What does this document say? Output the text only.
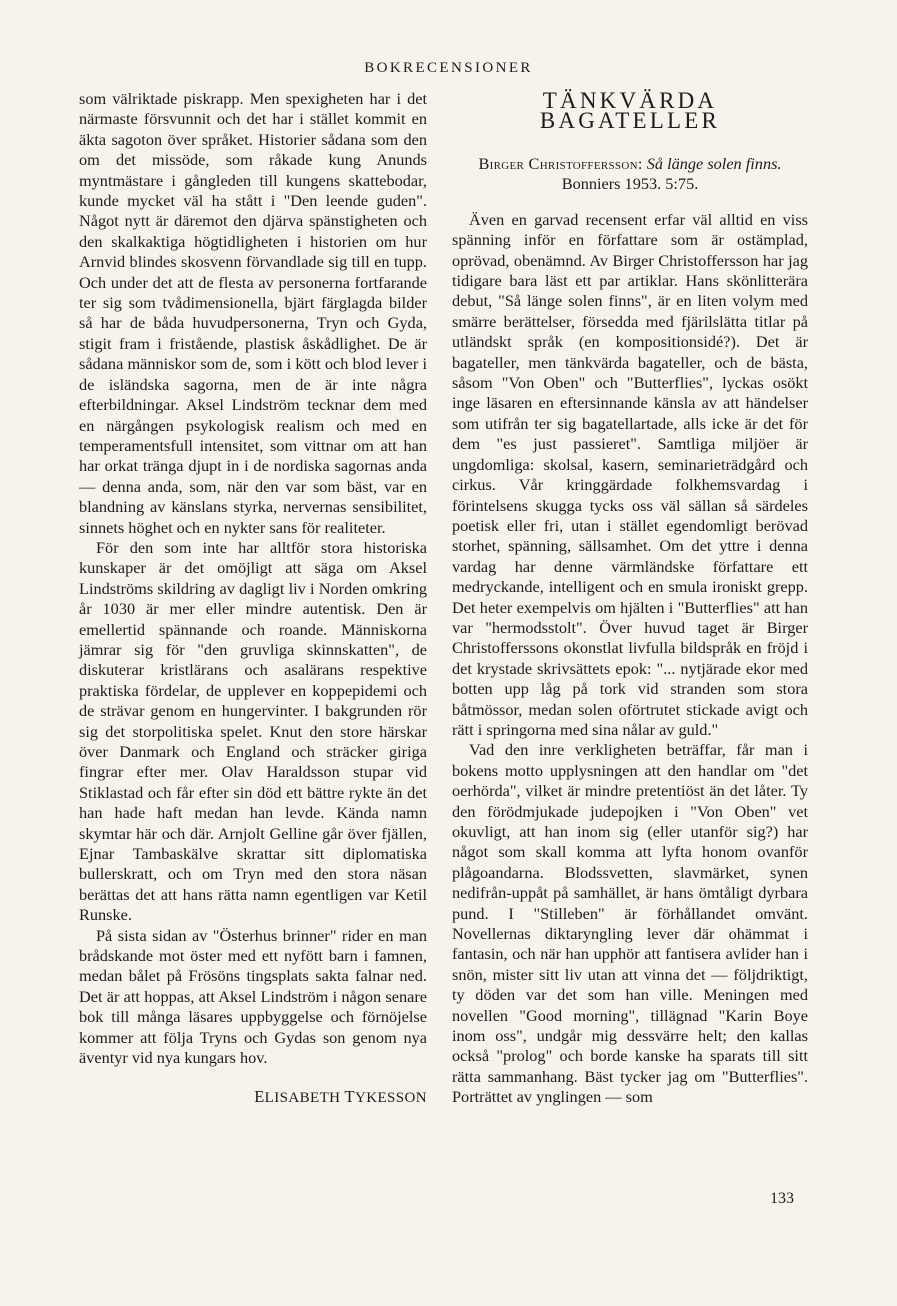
BOKRECENSIONER

som välriktade piskrapp. Men spexigheten har i det närmaste försvunnit och det har i stället kommit en äkta sagoton över språket. Historier sådana som den om det missöde, som råkade kung Anunds myntmästare i gångleden till kungens skattebodar, kunde mycket väl ha stått i "Den leende guden". Något nytt är däremot den djärva spänstigheten och den skalkaktiga högtidligheten i historien om hur Arnvid blindes skosvenn förvandlade sig till en tupp. Och under det att de flesta av personerna fortfarande ter sig som tvådimensionella, bjärt färglagda bilder så har de båda huvudpersonerna, Tryn och Gyda, stigit fram i fristående, plastisk åskådlighet. De är sådana människor som de, som i kött och blod lever i de isländska sagorna, men de är inte några efterbildningar. Aksel Lindström tecknar dem med en närgången psykologisk realism och med en temperamentsfull intensitet, som vittnar om att han har orkat tränga djupt in i de nordiska sagornas anda — denna anda, som, när den var som bäst, var en blandning av känslans styrka, nervernas sensibilitet, sinnets höghet och en nykter sans för realiteter.

För den som inte har alltför stora historiska kunskaper är det omöjligt att säga om Aksel Lindströms skildring av dagligt liv i Norden omkring år 1030 är mer eller mindre autentisk. Den är emellertid spännande och roande. Människorna jämrar sig för "den gruvliga skinnskatten", de diskuterar kristlärans och asalärans respektive praktiska fördelar, de upplever en koppepidemi och de strävar genom en hungervinter. I bakgrunden rör sig det storpolitiska spelet. Knut den store härskar över Danmark och England och sträcker giriga fingrar efter mer. Olav Haraldsson stupar vid Stiklastad och får efter sin död ett bättre rykte än det han hade haft medan han levde. Kända namn skymtar här och där. Arnjolt Gelline går över fjällen, Ejnar Tambaskälve skrattar sitt diplomatiska bullerskratt, och om Tryn med den stora näsan berättas det att hans rätta namn egentligen var Ketil Runske.

På sista sidan av "Österhus brinner" rider en man brådskande mot öster med ett nyfött barn i famnen, medan bålet på Frösöns tingsplats sakta falnar ned. Det är att hoppas, att Aksel Lindström i någon senare bok till många läsares uppbyggelse och förnöjelse kommer att följa Tryns och Gydas son genom nya äventyr vid nya kungars hov.

ELISABETH TYKESSON
TÄNKVÄRDA BAGATELLER
Birger Christoffersson: Så länge solen finns. Bonniers 1953. 5:75.

Även en garvad recensent erfar väl alltid en viss spänning inför en författare som är ostämplad, oprövad, obenämnd. Av Birger Christoffersson har jag tidigare bara läst ett par artiklar. Hans skönlitterära debut, "Så länge solen finns", är en liten volym med smärre berättelser, försedda med fjärilslätta titlar på utländskt språk (en kompositionsidé?). Det är bagateller, men tänkvärda bagateller, och de bästa, såsom "Von Oben" och "Butterflies", lyckas osökt inge läsaren en eftersinnande känsla av att händelser som utifrån ter sig bagatellartade, alls icke är det för dem "es just passieret". Samtliga miljöer är ungdomliga: skolsal, kasern, seminarieträdgård och cirkus. Vår kringgärdade folkhemsvardag i förintelsens skugga tycks oss väl sällan så särdeles poetisk eller fri, utan i stället egendomligt berövad storhet, spänning, sällsamhet. Om det yttre i denna vardag har denne värmländske författare ett medryckande, intelligent och en smula ironiskt grepp. Det heter exempelvis om hjälten i "Butterflies" att han var "hermodsstolt". Över huvud taget är Birger Christofferssons okonstlat livfulla bildspråk en fröjd i det krystade skrivsättets epok: "... nytjärade ekor med botten upp låg på tork vid stranden som stora båtmössor, medan solen oförtrutet stickade avigt och rätt i springorna med sina nålar av guld."

Vad den inre verkligheten beträffar, får man i bokens motto upplysningen att den handlar om "det oerhörda", vilket är mindre pretentiöst än det låter. Ty den förödmjukade judepojken i "Von Oben" vet okuvligt, att han inom sig (eller utanför sig?) har något som skall komma att lyfta honom ovanför plågoandarna. Blodssvetten, slavmärket, synen nedifrån-uppåt på samhället, är hans ömtåligt dyrbara pund. I "Stilleben" är förhållandet omvänt. Novellernas diktaryngling lever där ohämmat i fantasin, och när han upphör att fantisera avlider han i snön, mister sitt liv utan att vinna det — följdriktigt, ty döden var det som han ville. Meningen med novellen "Good morning", tillägnad "Karin Boye inom oss", undgår mig dessvärre helt; den kallas också "prolog" och borde kanske ha sparats till sitt rätta sammanhang. Bäst tycker jag om "Butterflies". Porträttet av ynglingen — som

133
